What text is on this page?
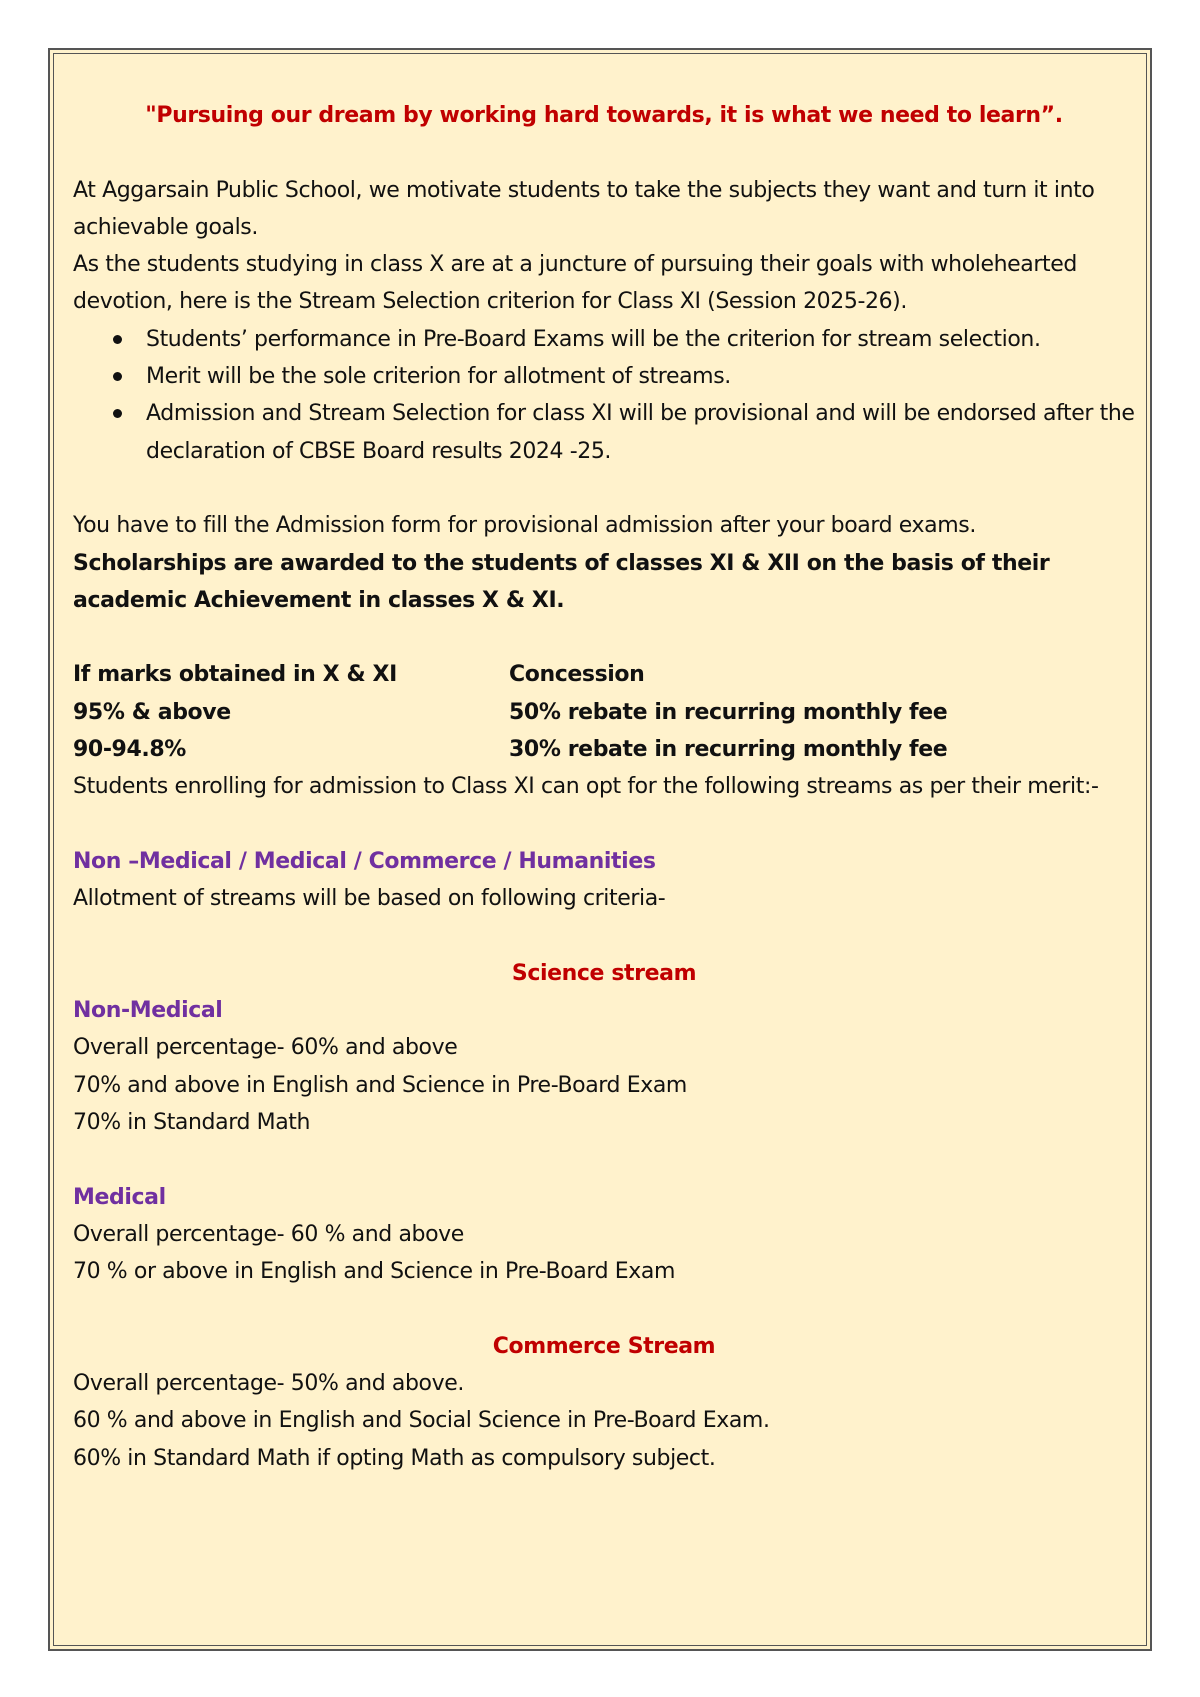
"Pursuing our dream by working hard towards, it is what we need to learn”.

At Aggarsain Public School, we motivate students to take the subjects they want and turn it into achievable goals.

As the students studying in class X are at a juncture of pursuing their goals with wholehearted devotion, here is the Stream Selection criterion for Class XI (Session 2025-26).

Students’ performance in Pre-Board Exams will be the criterion for stream selection.
Merit will be the sole criterion for allotment of streams.
Admission and Stream Selection for class XI will be provisional and will be endorsed after the declaration of CBSE Board results 2024 -25.

You have to fill the Admission form for provisional admission after your board exams.

Scholarships are awarded to the students of classes XI & XII on the basis of their academic Achievement in classes X & XI.

If marks obtained in X & XI	Concession
95% & above	50% rebate in recurring monthly fee
90-94.8%	30% rebate in recurring monthly fee

Students enrolling for admission to Class XI can opt for the following streams as per their merit:-

Non –Medical / Medical / Commerce / Humanities

Allotment of streams will be based on following criteria-

Science stream

Non-Medical

Overall percentage- 60% and above

70% and above in English and Science in Pre-Board Exam

70% in Standard Math

Medical

Overall percentage- 60 % and above

70 % or above in English and Science in Pre-Board Exam

Commerce Stream

Overall percentage- 50% and above.

60 % and above in English and Social Science in Pre-Board Exam.

60% in Standard Math if opting Math as compulsory subject.
